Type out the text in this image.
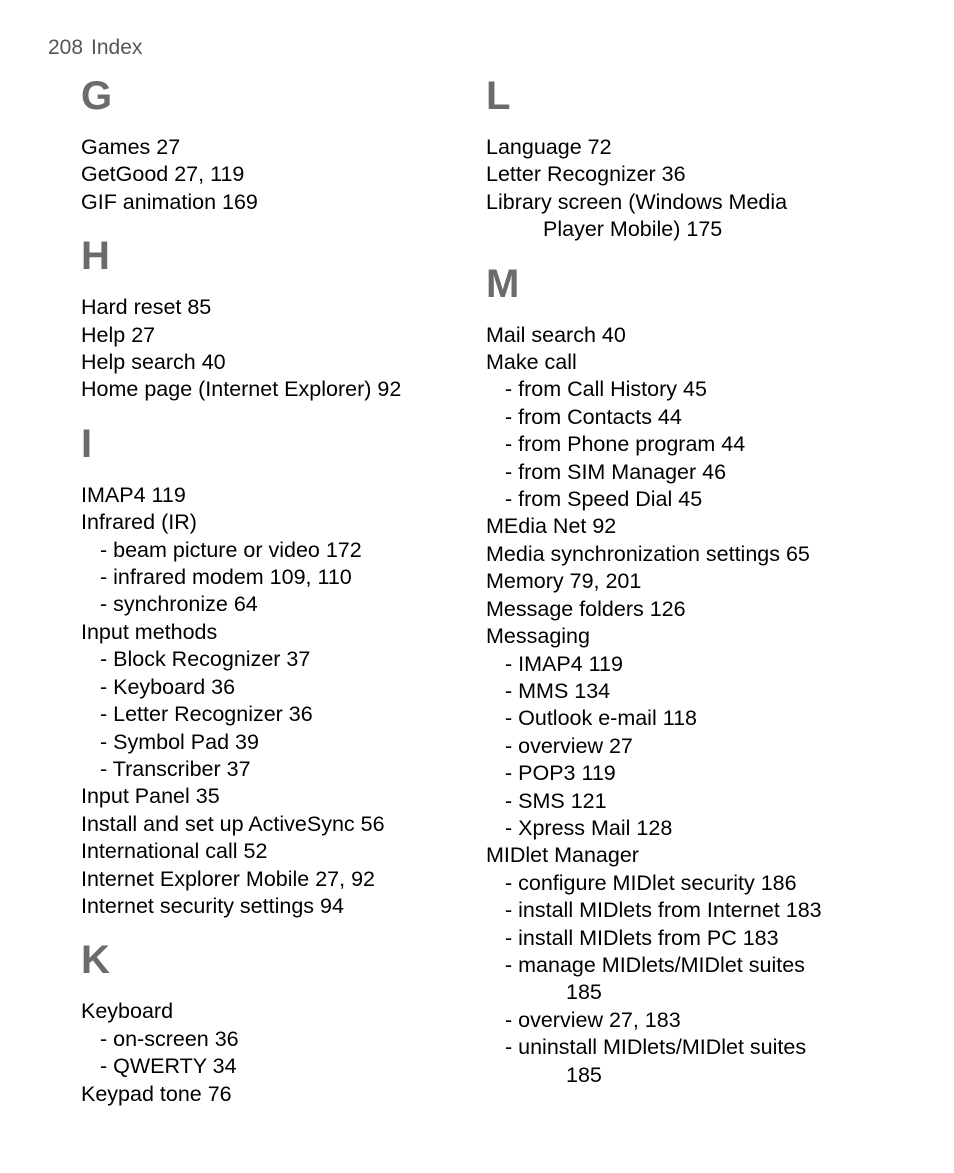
208 Index
G
Games 27
GetGood 27, 119
GIF animation 169
H
Hard reset 85
Help 27
Help search 40
Home page (Internet Explorer) 92
I
IMAP4 119
Infrared (IR)
- beam picture or video 172
- infrared modem 109, 110
- synchronize 64
Input methods
- Block Recognizer 37
- Keyboard 36
- Letter Recognizer 36
- Symbol Pad 39
- Transcriber 37
Input Panel 35
Install and set up ActiveSync 56
International call 52
Internet Explorer Mobile 27, 92
Internet security settings 94
K
Keyboard
- on-screen 36
- QWERTY 34
Keypad tone 76
L
Language 72
Letter Recognizer 36
Library screen (Windows Media
Player Mobile) 175
M
Mail search 40
Make call
- from Call History 45
- from Contacts 44
- from Phone program 44
- from SIM Manager 46
- from Speed Dial 45
MEdia Net 92
Media synchronization settings 65
Memory 79, 201
Message folders 126
Messaging
- IMAP4 119
- MMS 134
- Outlook e-mail 118
- overview 27
- POP3 119
- SMS 121
- Xpress Mail 128
MIDlet Manager
- configure MIDlet security 186
- install MIDlets from Internet 183
- install MIDlets from PC 183
- manage MIDlets/MIDlet suites
185
- overview 27, 183
- uninstall MIDlets/MIDlet suites
185
